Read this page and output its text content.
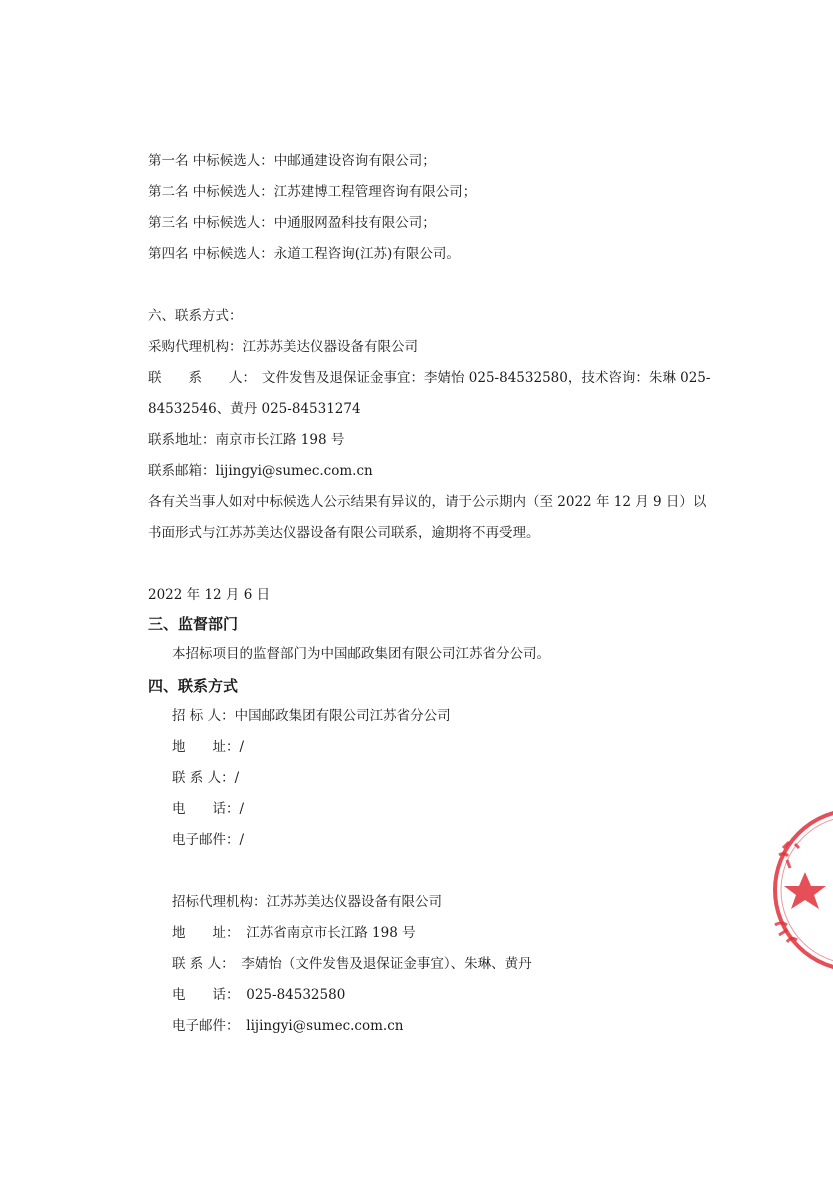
第一名 中标候选人：中邮通建设咨询有限公司；
第二名 中标候选人：江苏建博工程管理咨询有限公司；
第三名 中标候选人：中通服网盈科技有限公司；
第四名 中标候选人：永道工程咨询(江苏)有限公司。
六、联系方式：
采购代理机构：江苏苏美达仪器设备有限公司
联　　系　　人： 文件发售及退保证金事宜：李婧怡 025-84532580，技术咨询：朱琳 025-
84532546、黄丹 025-84531274
联系地址：南京市长江路 198 号
联系邮箱：lijingyi@sumec.com.cn
各有关当事人如对中标候选人公示结果有异议的，请于公示期内（至 2022 年 12 月 9 日）以
书面形式与江苏苏美达仪器设备有限公司联系，逾期将不再受理。
2022 年 12 月 6 日
三、监督部门
本招标项目的监督部门为中国邮政集团有限公司江苏省分公司。
四、联系方式
招 标 人：中国邮政集团有限公司江苏省分公司
地　　址：/
联 系 人：/
电　　话：/
电子邮件：/
招标代理机构：江苏苏美达仪器设备有限公司
地　　址：　江苏省南京市长江路 198 号
联 系 人：　李婧怡（文件发售及退保证金事宜）、朱琳、黄丹
电　　话：　025-84532580
电子邮件：　lijingyi@sumec.com.cn
